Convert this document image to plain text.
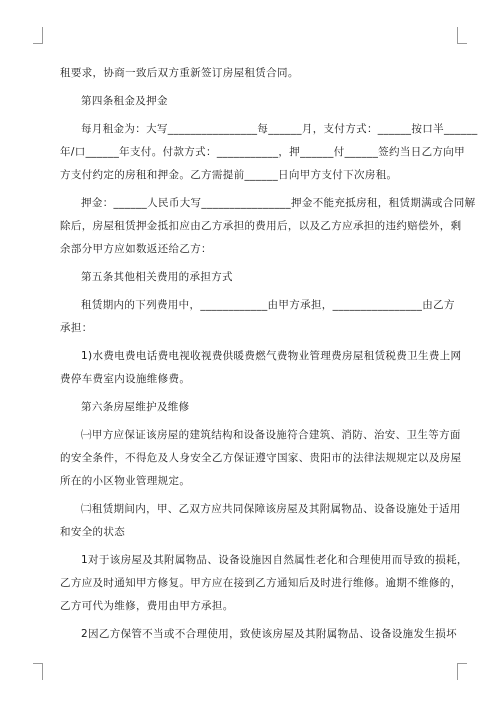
租要求，协商一致后双方重新签订房屋租赁合同。

第四条租金及押金

每月租金为：大写________________每______月，支付方式：______按口半______

年/口______年支付。付款方式：___________，押______付______签约当日乙方向甲

方支付约定的房租和押金。乙方需提前______日向甲方支付下次房租。

押金：______人民币大写________________押金不能充抵房租，租赁期满或合同解

除后，房屋租赁押金抵扣应由乙方承担的费用后，以及乙方应承担的违约赔偿外，剩

余部分甲方应如数返还给乙方：

第五条其他相关费用的承担方式

租赁期内的下列费用中，____________由甲方承担，________________由乙方

承担：

1)水费电费电话费电视收视费供暖费燃气费物业管理费房屋租赁税费卫生费上网

费停车费室内设施维修费。

第六条房屋维护及维修

㈠甲方应保证该房屋的建筑结构和设备设施符合建筑、消防、治安、卫生等方面

的安全条件，不得危及人身安全乙方保证遵守国家、贵阳市的法律法规规定以及房屋

所在的小区物业管理规定。

㈡租赁期间内，甲、乙双方应共同保障该房屋及其附属物品、设备设施处于适用

和安全的状态

1对于该房屋及其附属物品、设备设施因自然属性老化和合理使用而导致的损耗，

乙方应及时通知甲方修复。甲方应在接到乙方通知后及时进行维修。逾期不维修的，

乙方可代为维修，费用由甲方承担。

2因乙方保管不当或不合理使用，致使该房屋及其附属物品、设备设施发生损坏
